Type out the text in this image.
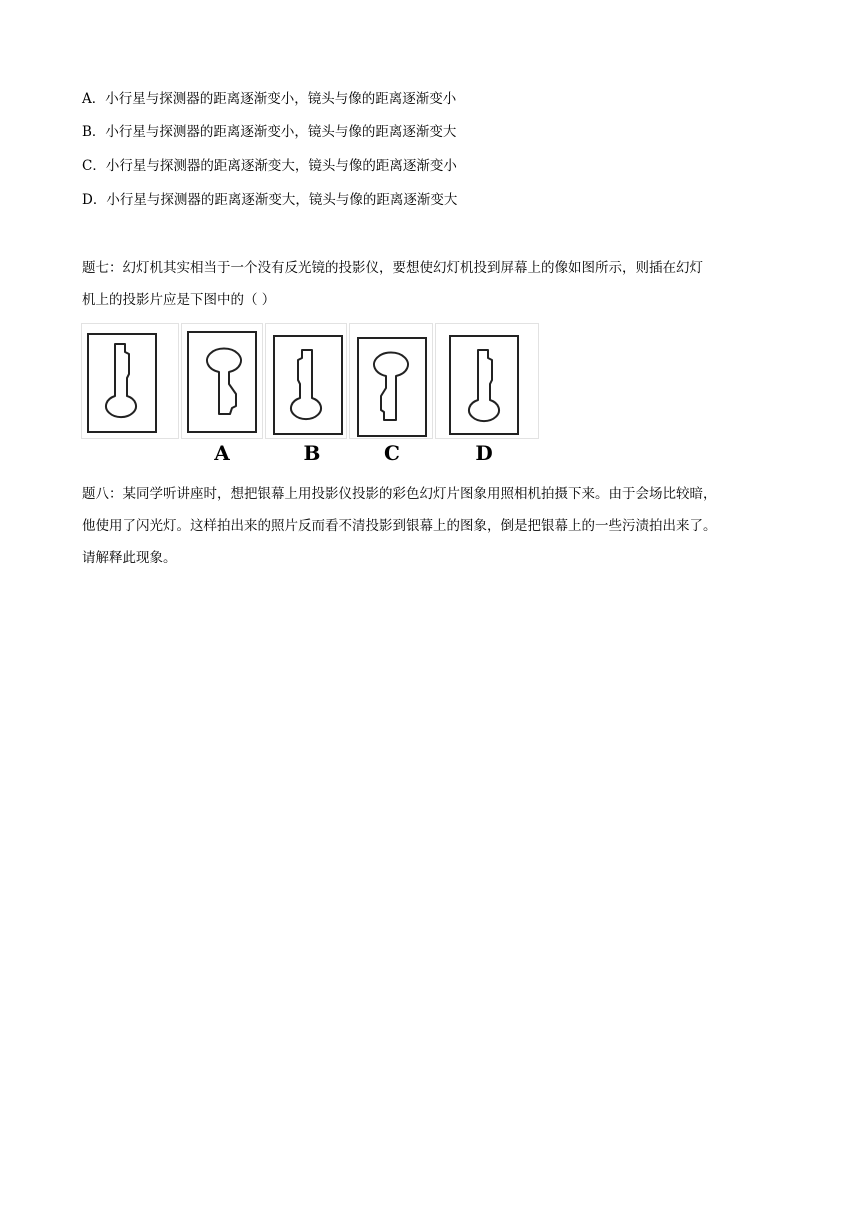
A．小行星与探测器的距离逐渐变小，镜头与像的距离逐渐变小
B．小行星与探测器的距离逐渐变小，镜头与像的距离逐渐变大
C．小行星与探测器的距离逐渐变大，镜头与像的距离逐渐变小
D．小行星与探测器的距离逐渐变大，镜头与像的距离逐渐变大
题七：幻灯机其实相当于一个没有反光镜的投影仪，要想使幻灯机投到屏幕上的像如图所示，则插在幻灯
机上的投影片应是下图中的（ ）
A	B	C	D
题八：某同学听讲座时，想把银幕上用投影仪投影的彩色幻灯片图象用照相机拍摄下来。由于会场比较暗，
他使用了闪光灯。这样拍出来的照片反而看不清投影到银幕上的图象，倒是把银幕上的一些污渍拍出来了。
请解释此现象。
